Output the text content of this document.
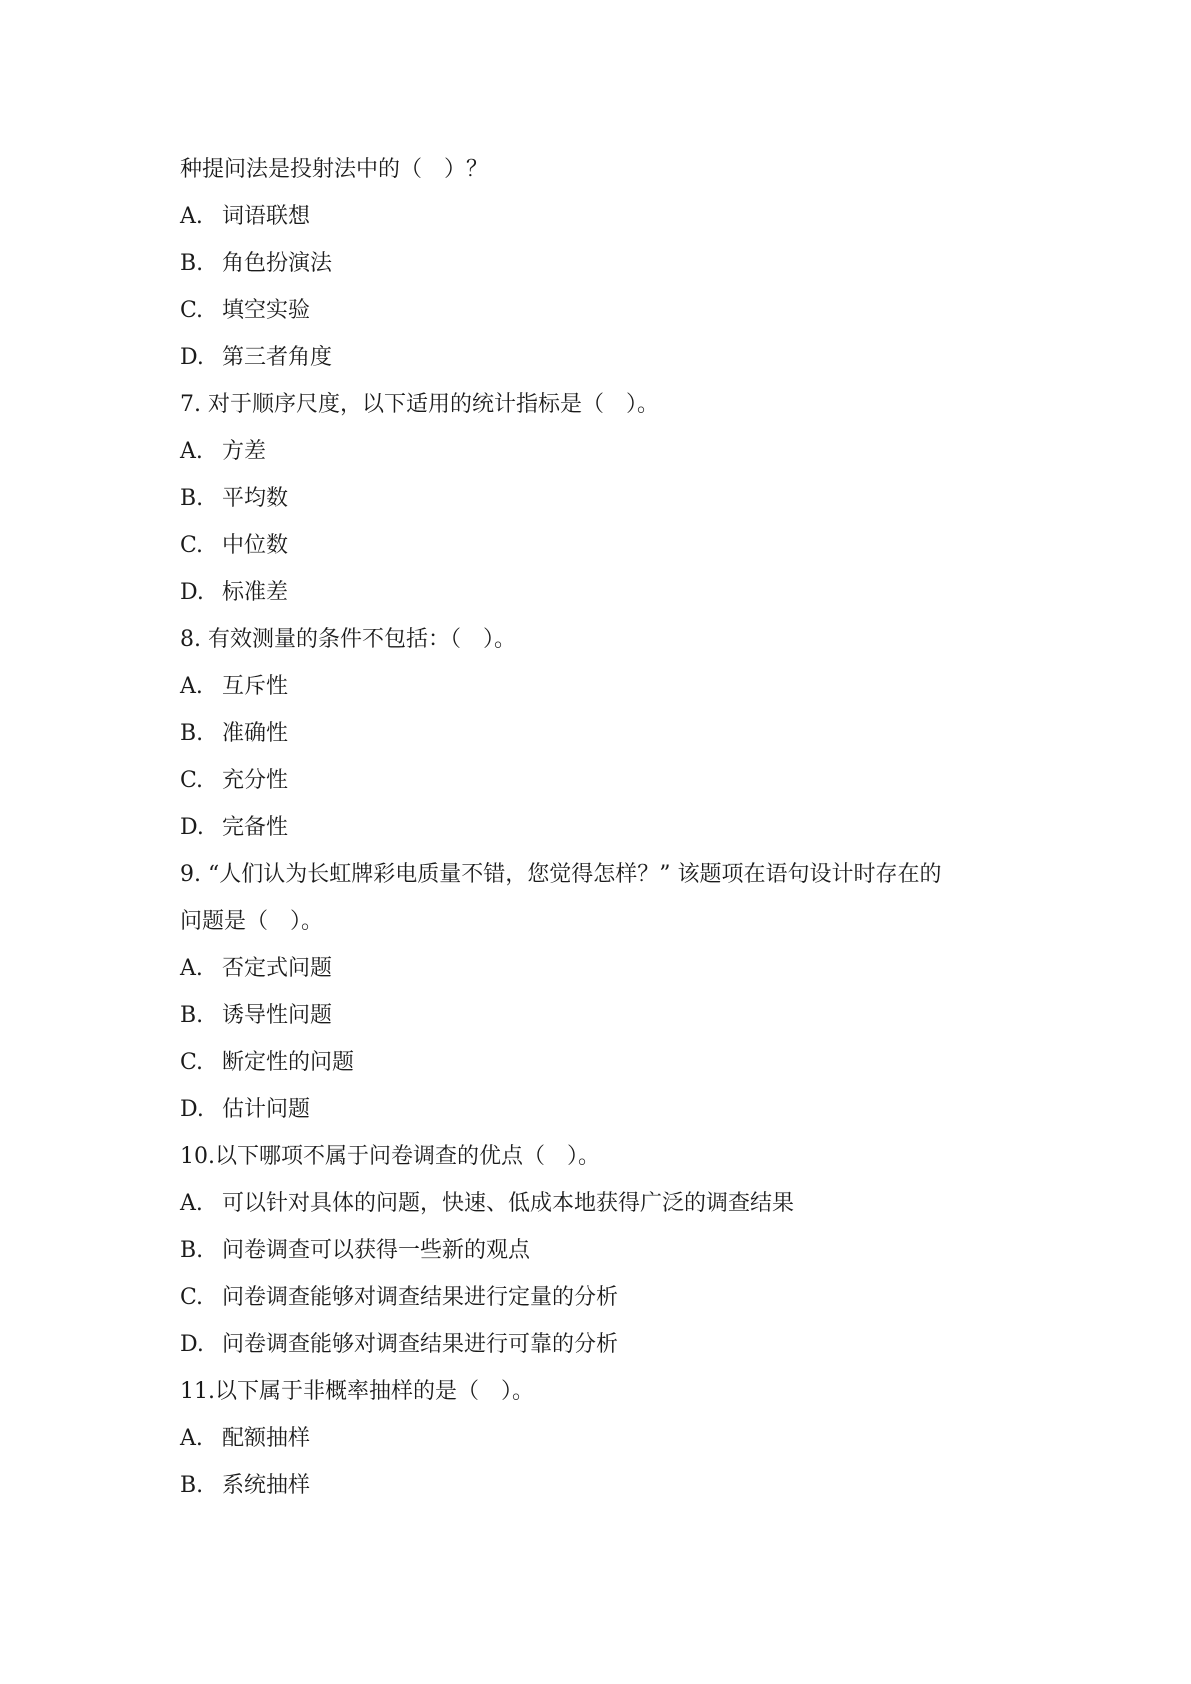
种提问法是投射法中的（　）？
A. 词语联想
B. 角色扮演法
C. 填空实验
D. 第三者角度
7. 对于顺序尺度，以下适用的统计指标是（　）。
A. 方差
B. 平均数
C. 中位数
D. 标准差
8. 有效测量的条件不包括：（　）。
A. 互斥性
B. 准确性
C. 充分性
D. 完备性
9. “人们认为长虹牌彩电质量不错，您觉得怎样？” 该题项在语句设计时存在的
问题是（　）。
A. 否定式问题
B. 诱导性问题
C. 断定性的问题
D. 估计问题
10.以下哪项不属于问卷调查的优点（　）。
A. 可以针对具体的问题，快速、低成本地获得广泛的调查结果
B. 问卷调查可以获得一些新的观点
C. 问卷调查能够对调查结果进行定量的分析
D. 问卷调查能够对调查结果进行可靠的分析
11.以下属于非概率抽样的是（　）。
A. 配额抽样
B. 系统抽样
